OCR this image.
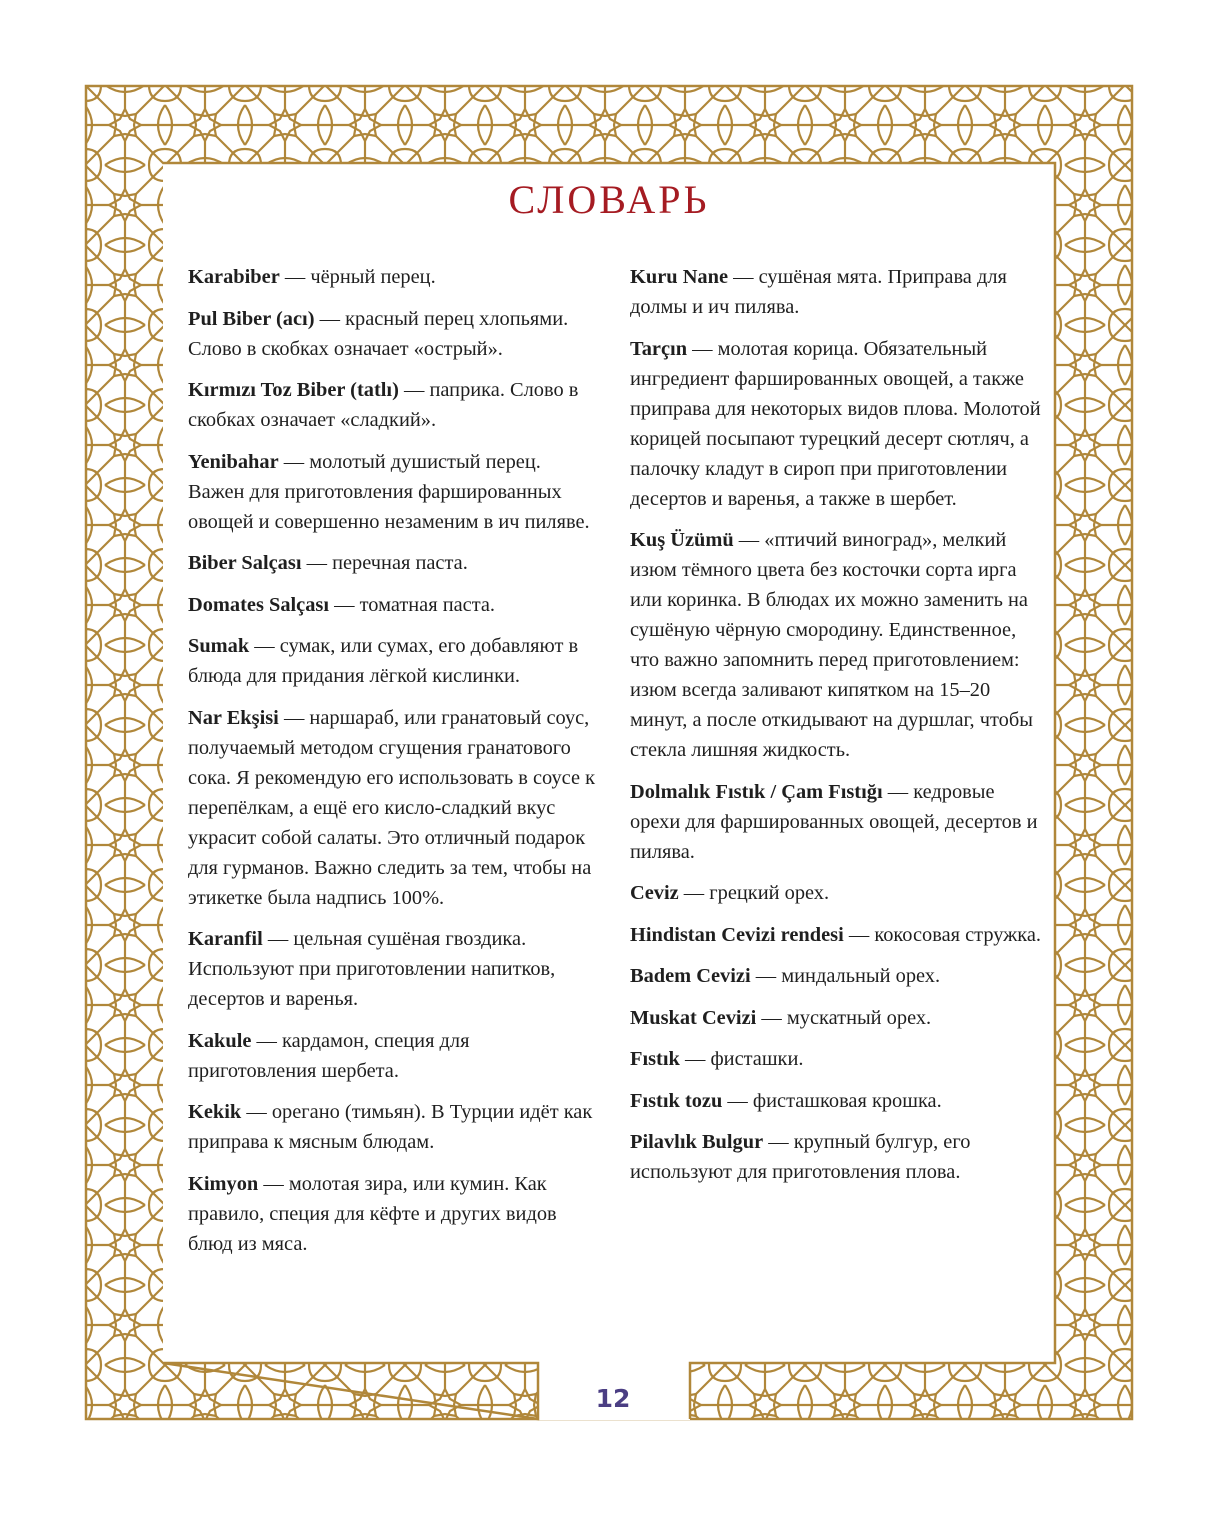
СЛОВАРЬ
Karabiber — чёрный перец.
Pul Biber (acı) — красный перец хлопьями. Слово в скобках означает «острый».
Kırmızı Toz Biber (tatlı) — паприка. Слово в скобках означает «сладкий».
Yenibahar — молотый душистый перец. Важен для приготовления фаршированных овощей и совершенно незаменим в ич пиляве.
Biber Salçası — перечная паста.
Domates Salçası — томатная паста.
Sumak — сумак, или сумах, его добавляют в блюда для придания лёгкой кислинки.
Nar Ekşisi — наршараб, или гранатовый соус, получаемый методом сгущения гранатового сока. Я рекомендую его использовать в соусе к перепёлкам, а ещё его кисло-сладкий вкус украсит собой салаты. Это отличный подарок для гурманов. Важно следить за тем, чтобы на этикетке была надпись 100%.
Karanfil — цельная сушёная гвоздика. Используют при приготовлении напитков, десертов и варенья.
Kakule — кардамон, специя для приготовления шербета.
Kekik — орегано (тимьян). В Турции идёт как приправа к мясным блюдам.
Kimyon — молотая зира, или кумин. Как правило, специя для кёфте и других видов блюд из мяса.
Kuru Nane — сушёная мята. Приправа для долмы и ич пилява.
Tarçın — молотая корица. Обязательный ингредиент фаршированных овощей, а также приправа для некоторых видов плова. Молотой корицей посыпают турецкий десерт сютляч, а палочку кладут в сироп при приготовлении десертов и варенья, а также в шербет.
Kuş Üzümü — «птичий виноград», мелкий изюм тёмного цвета без косточки сорта ирга или коринка. В блюдах их можно заменить на сушёную чёрную смородину. Единственное, что важно запомнить перед приготовлением: изюм всегда заливают кипятком на 15–20 минут, а после откидывают на дуршлаг, чтобы стекла лишняя жидкость.
Dolmalık Fıstık / Çam Fıstığı — кедровые орехи для фаршированных овощей, десертов и пилява.
Ceviz — грецкий орех.
Hindistan Cevizi rendesi — кокосовая стружка.
Badem Cevizi — миндальный орех.
Muskat Cevizi — мускатный орех.
Fıstık — фисташки.
Fıstık tozu — фисташковая крошка.
Pilavlık Bulgur — крупный булгур, его используют для приготовления плова.
12
